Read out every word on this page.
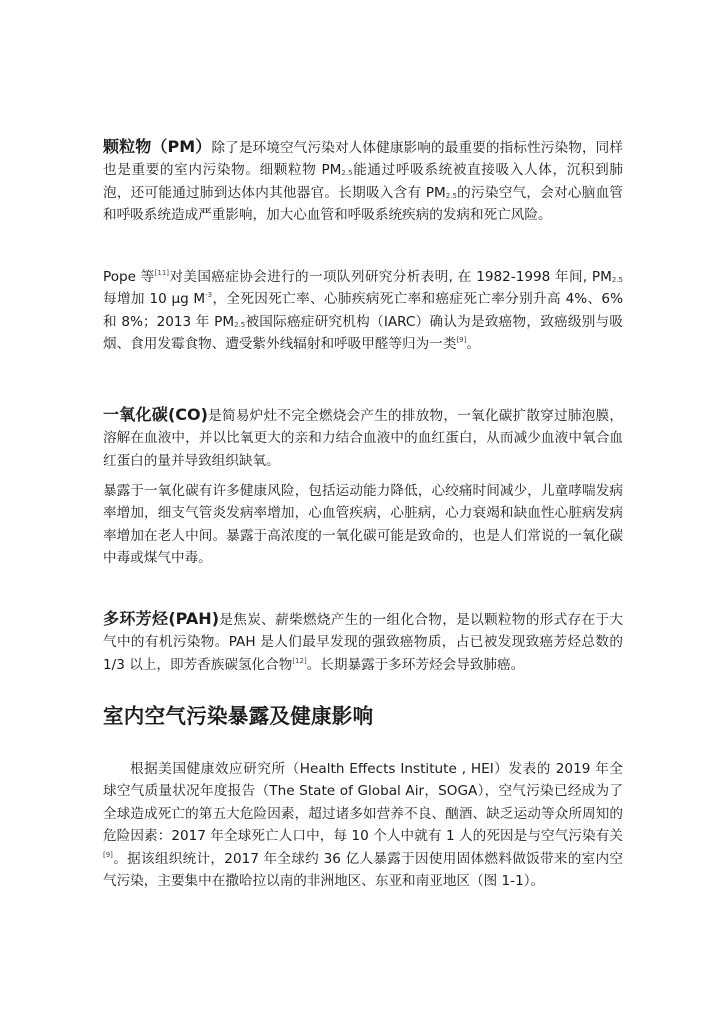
颗粒物（PM）除了是环境空气污染对人体健康影响的最重要的指标性污染物，同样也是重要的室内污染物。细颗粒物 $PM_{2.5}$能通过呼吸系统被直接吸入人体，沉积到肺泡，还可能通过肺到达体内其他器官。长期吸入含有 $PM_{2.5}$的污染空气，会对心脑血管和呼吸系统造成严重影响，加大心血管和呼吸系统疾病的发病和死亡风险。

Pope 等[11]对美国癌症协会进行的一项队列研究分析表明, 在 1982-1998 年间, $PM_{2.5}$每增加 10 μg $M^{-3}$，全死因死亡率、心肺疾病死亡率和癌症死亡率分别升高 4%、6%和 8%；2013 年 $PM_{2.5}$被国际癌症研究机构（IARC）确认为是致癌物，致癌级别与吸烟、食用发霉食物、遭受紫外线辐射和呼吸甲醛等归为一类[9]。

一氧化碳(CO)是简易炉灶不完全燃烧会产生的排放物，一氧化碳扩散穿过肺泡膜，溶解在血液中，并以比氧更大的亲和力结合血液中的血红蛋白，从而减少血液中氧合血红蛋白的量并导致组织缺氧。

暴露于一氧化碳有许多健康风险，包括运动能力降低，心绞痛时间减少，儿童哮喘发病率增加，细支气管炎发病率增加，心血管疾病，心脏病，心力衰竭和缺血性心脏病发病率增加在老人中间。暴露于高浓度的一氧化碳可能是致命的，也是人们常说的一氧化碳中毒或煤气中毒。

多环芳烃(PAH)是焦炭、薪柴燃烧产生的一组化合物，是以颗粒物的形式存在于大气中的有机污染物。PAH 是人们最早发现的强致癌物质，占已被发现致癌芳烃总数的 1/3 以上，即芳香族碳氢化合物[12]。长期暴露于多环芳烃会导致肺癌。

室内空气污染暴露及健康影响

根据美国健康效应研究所（Health Effects Institute , HEI）发表的 2019 年全球空气质量状况年度报告（The State of Global Air，SOGA），空气污染已经成为了全球造成死亡的第五大危险因素，超过诸多如营养不良、酗酒、缺乏运动等众所周知的危险因素：2017 年全球死亡人口中，每 10 个人中就有 1 人的死因是与空气污染有关[9]。据该组织统计，2017 年全球约 36 亿人暴露于因使用固体燃料做饭带来的室内空气污染，主要集中在撒哈拉以南的非洲地区、东亚和南亚地区（图 1-1）。
